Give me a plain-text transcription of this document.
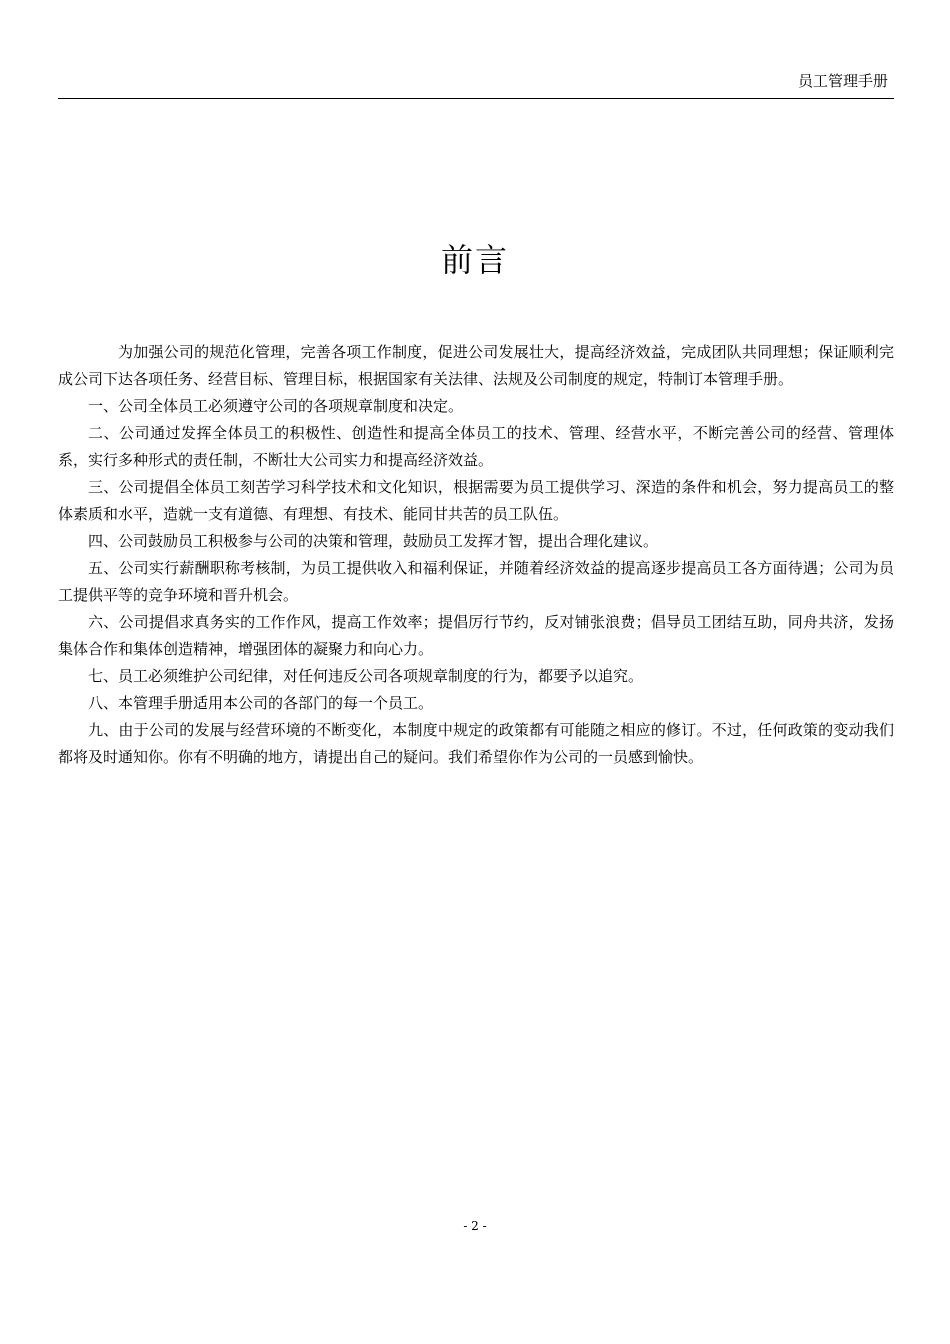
员工管理手册
前言

为加强公司的规范化管理，完善各项工作制度，促进公司发展壮大，提高经济效益，完成团队共同理想；保证顺利完成公司下达各项任务、经营目标、管理目标，根据国家有关法律、法规及公司制度的规定，特制订本管理手册。

一、公司全体员工必须遵守公司的各项规章制度和决定。

二、公司通过发挥全体员工的积极性、创造性和提高全体员工的技术、管理、经营水平，不断完善公司的经营、管理体系，实行多种形式的责任制，不断壮大公司实力和提高经济效益。

三、公司提倡全体员工刻苦学习科学技术和文化知识，根据需要为员工提供学习、深造的条件和机会，努力提高员工的整体素质和水平，造就一支有道德、有理想、有技术、能同甘共苦的员工队伍。

四、公司鼓励员工积极参与公司的决策和管理，鼓励员工发挥才智，提出合理化建议。

五、公司实行薪酬职称考核制，为员工提供收入和福利保证，并随着经济效益的提高逐步提高员工各方面待遇；公司为员工提供平等的竞争环境和晋升机会。

六、公司提倡求真务实的工作作风，提高工作效率；提倡厉行节约，反对铺张浪费；倡导员工团结互助，同舟共济，发扬集体合作和集体创造精神，增强团体的凝聚力和向心力。

七、员工必须维护公司纪律，对任何违反公司各项规章制度的行为，都要予以追究。

八、本管理手册适用本公司的各部门的每一个员工。

九、由于公司的发展与经营环境的不断变化，本制度中规定的政策都有可能随之相应的修订。不过，任何政策的变动我们都将及时通知你。你有不明确的地方，请提出自己的疑问。我们希望你作为公司的一员感到愉快。

- 2 -
